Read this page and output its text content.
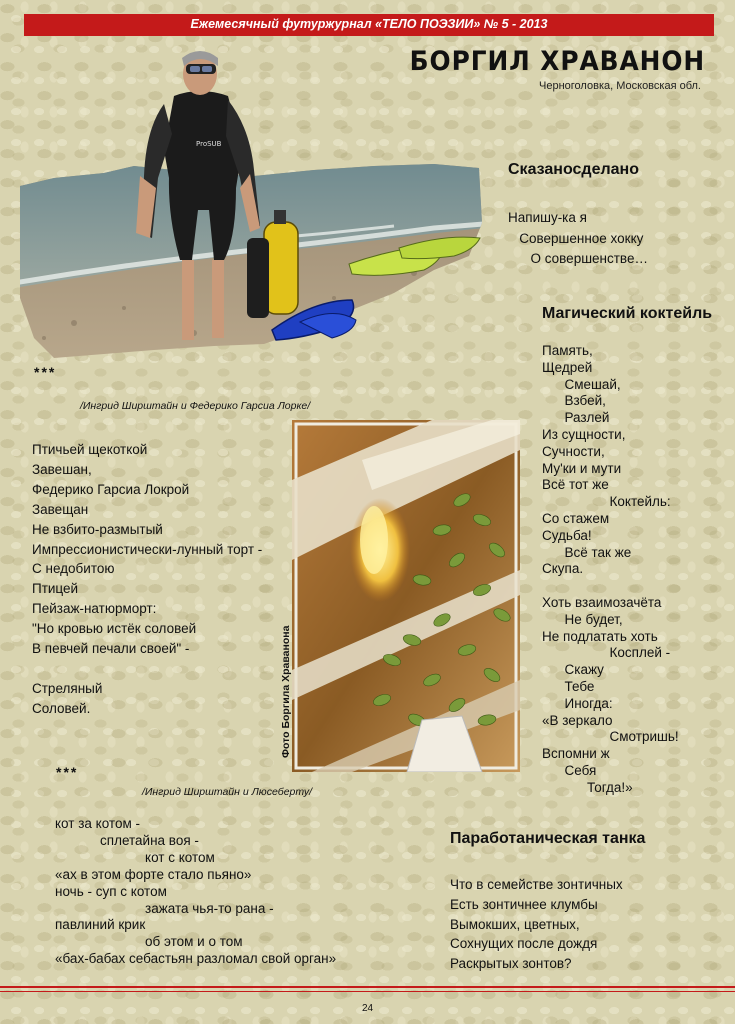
Ежемесячный футуржурнал «ТЕЛО ПОЭЗИИ» № 5 - 2013
БОРГИЛ ХРАВАНОН
Черноголовка, Московская обл.
ProSUB
Фото Боргила Храванона
Сказаносделано
Напишу-ка я
Совершенное хокку
О совершенстве…
Магический коктейль
Память,
Щедрей
Смешай,
Взбей,
Разлей
Из сущности,
Сучности,
Му'ки и мути
Всё тот же
Коктейль:
Со стажем
Судьба!
Всё так же
Скупа.

Хоть взаимозачёта
Не будет,
Не подлатать хоть
Косплей -
Скажу
Тебе
Иногда:
«В зеркало
Смотришь!
Вспомни ж
Себя
Тогда!»
***
/Ингрид Ширштайн и Федерико Гарсиа Лорке/
Птичьей щекоткой
Завешан,
Федерико Гарсиа Локрой
Завещан
Не взбито-размытый
Импрессионистически-лунный торт -
С недобитою
Птицей
Пейзаж-натюрморт:
"Но кровью истёк соловей
В певчей печали своей" -

Стреляный
Соловей.
***
/Ингрид Ширштайн и Люсеберту/
кот за котом -
сплетайна воя -
кот с котом
«ах в этом форте стало пьяно»
ночь - суп с котом
зажата чья-то рана -
павлиний крик
об этом и о том
«бах-бабах себастьян разломал свой орган»
Паработаническая танка
Что в семействе зонтичных
Есть зонтичнее клумбы
Вымокших, цветных,
Сохнущих после дождя
Раскрытых зонтов?
24
